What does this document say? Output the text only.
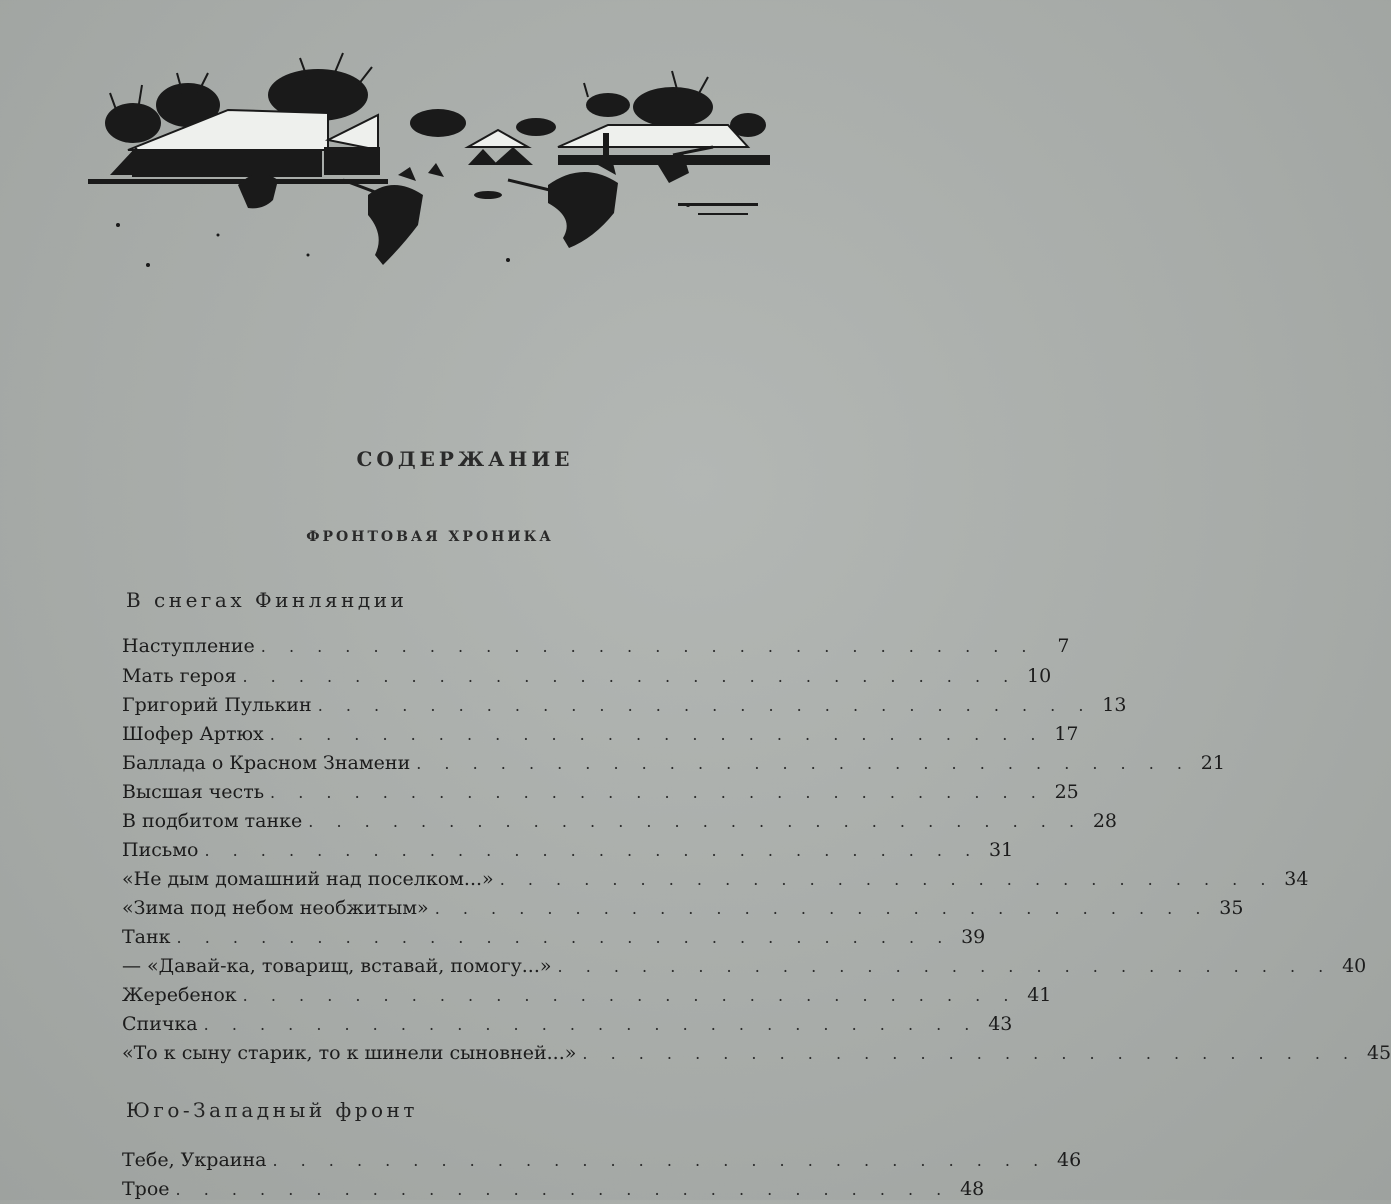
СОДЕРЖАНИЕ
ФРОНТОВАЯ ХРОНИКА
В снегах Финляндии
Наступление . . . . . . . . . . . . . . . . . . . . . . . . . . . .	7
Мать героя . . . . . . . . . . . . . . . . . . . . . . . . . . . . 10
Григорий Пулькин . . . . . . . . . . . . . . . . . . . . . . . . . . . . 13
Шофер Артюх . . . . . . . . . . . . . . . . . . . . . . . . . . . . 17
Баллада о Красном Знамени . . . . . . . . . . . . . . . . . . . . . . . . . . . . 21
Высшая честь . . . . . . . . . . . . . . . . . . . . . . . . . . . . 25
В подбитом танке . . . . . . . . . . . . . . . . . . . . . . . . . . . . 28
Письмо . . . . . . . . . . . . . . . . . . . . . . . . . . . . 31
«Не дым домашний над поселком...» . . . . . . . . . . . . . . . . . . . . . . . . . . . . 34
«Зима под небом необжитым» . . . . . . . . . . . . . . . . . . . . . . . . . . . . 35
Танк . . . . . . . . . . . . . . . . . . . . . . . . . . . . 39
— «Давай-ка, товарищ, вставай, помогу...» . . . . . . . . . . . . . . . . . . . . . . . . . . . . 40
Жеребенок . . . . . . . . . . . . . . . . . . . . . . . . . . . . 41
Спичка . . . . . . . . . . . . . . . . . . . . . . . . . . . . 43
«То к сыну старик, то к шинели сыновней...» . . . . . . . . . . . . . . . . . . . . . . . . . . . . 45
Юго-Западный фронт
Тебе, Украина . . . . . . . . . . . . . . . . . . . . . . . . . . . . 46
Трое . . . . . . . . . . . . . . . . . . . . . . . . . . . . 48
